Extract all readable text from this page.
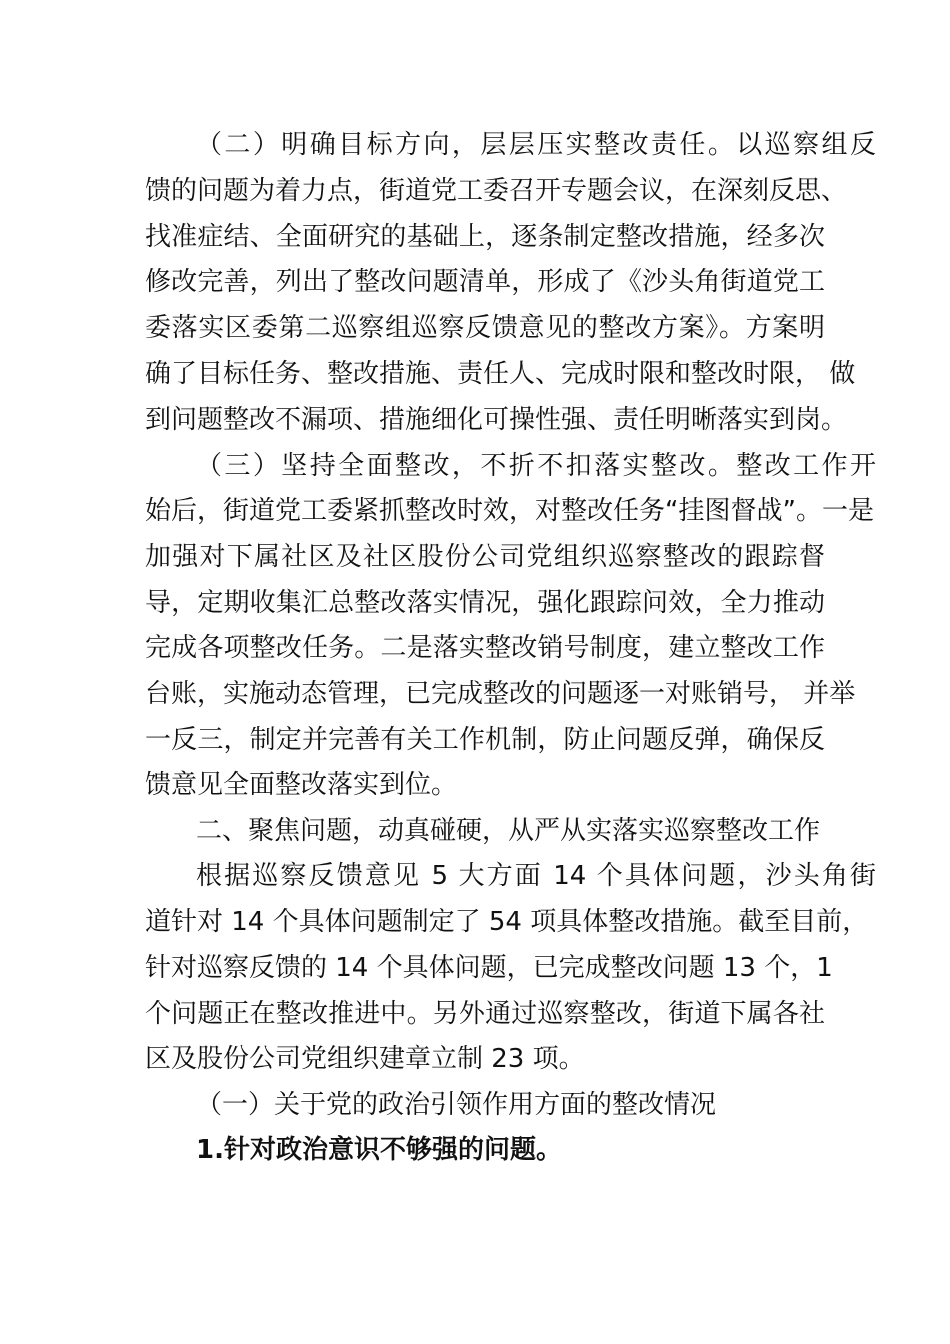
（二）明确目标方向，层层压实整改责任。以巡察组反
馈的问题为着力点，街道党工委召开专题会议，在深刻反思、
找准症结、全面研究的基础上，逐条制定整改措施，经多次
修改完善，列出了整改问题清单，形成了《沙头角街道党工
委落实区委第二巡察组巡察反馈意见的整改方案》。方案明
确了目标任务、整改措施、责任人、完成时限和整改时限， 做
到问题整改不漏项、措施细化可操性强、责任明晰落实到岗。
（三）坚持全面整改，不折不扣落实整改。整改工作开
始后，街道党工委紧抓整改时效，对整改任务“挂图督战”。一是
加强对下属社区及社区股份公司党组织巡察整改的跟踪督
导，定期收集汇总整改落实情况，强化跟踪问效，全力推动
完成各项整改任务。二是落实整改销号制度，建立整改工作
台账，实施动态管理，已完成整改的问题逐一对账销号， 并举
一反三，制定并完善有关工作机制，防止问题反弹，确保反
馈意见全面整改落实到位。
二、聚焦问题，动真碰硬，从严从实落实巡察整改工作
根据巡察反馈意见 5 大方面 14 个具体问题，沙头角街
道针对 14 个具体问题制定了 54 项具体整改措施。截至目前，
针对巡察反馈的 14 个具体问题，已完成整改问题 13 个，1
个问题正在整改推进中。另外通过巡察整改，街道下属各社
区及股份公司党组织建章立制 23 项。
（一）关于党的政治引领作用方面的整改情况
1.针对政治意识不够强的问题。
